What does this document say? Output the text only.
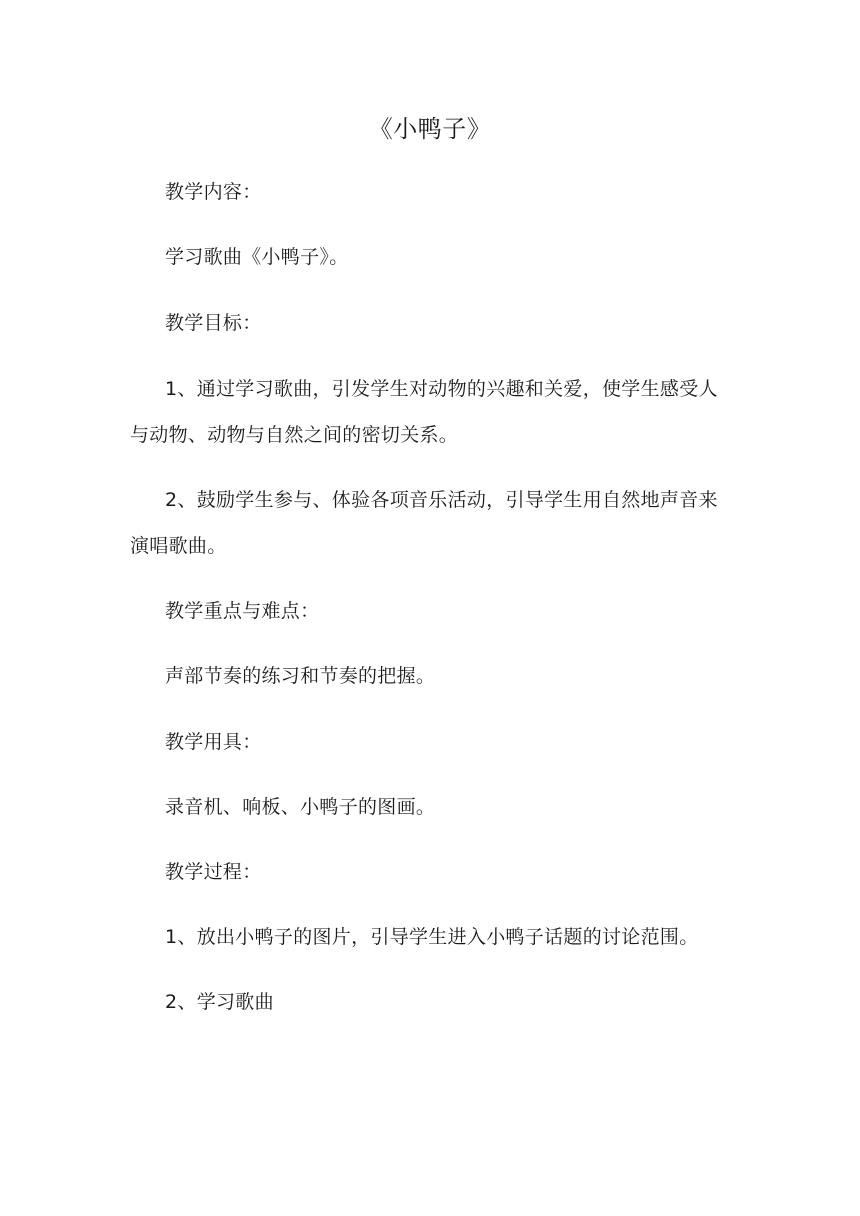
《小鸭子》
教学内容：
学习歌曲《小鸭子》。
教学目标：
1、通过学习歌曲，引发学生对动物的兴趣和关爱，使学生感受人
与动物、动物与自然之间的密切关系。
2、鼓励学生参与、体验各项音乐活动，引导学生用自然地声音来
演唱歌曲。
教学重点与难点：
声部节奏的练习和节奏的把握。
教学用具：
录音机、响板、小鸭子的图画。
教学过程：
1、放出小鸭子的图片，引导学生进入小鸭子话题的讨论范围。
2、学习歌曲
